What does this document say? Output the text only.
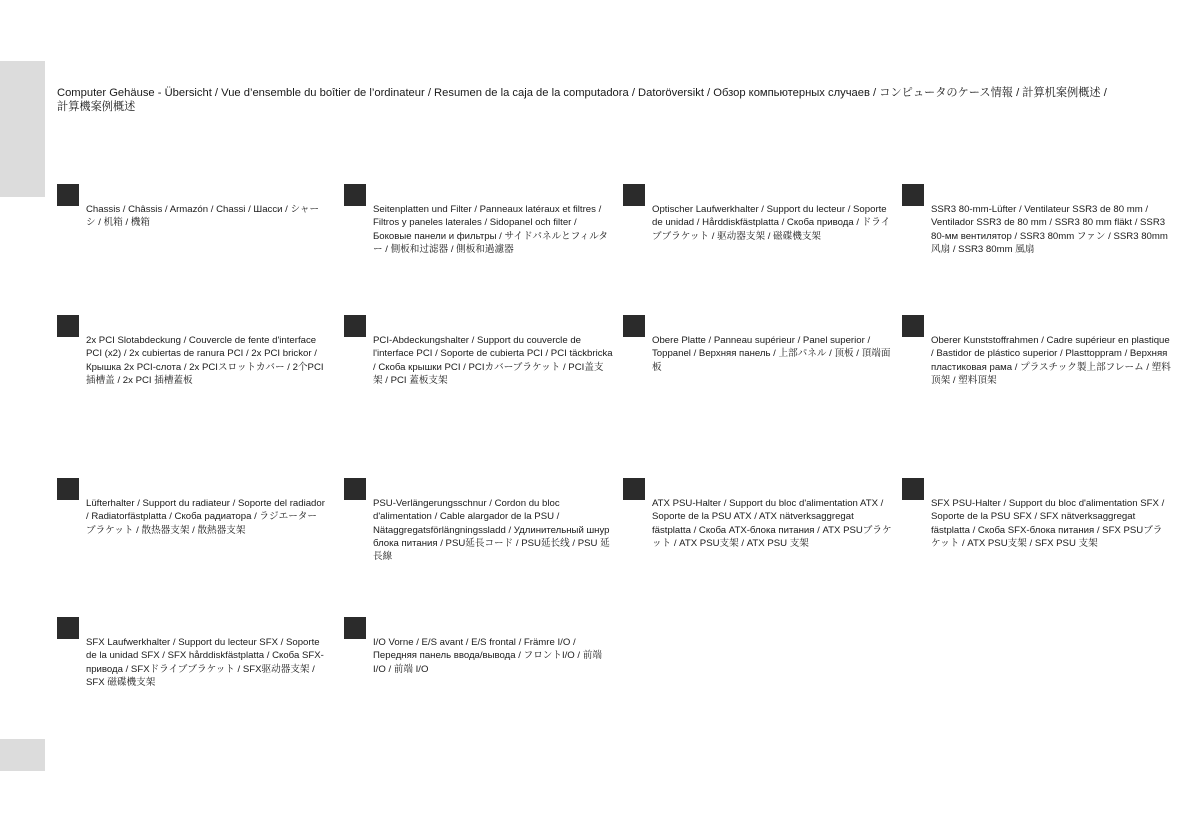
Computer Gehäuse - Übersicht / Vue d’ensemble du boîtier de l’ordinateur / Resumen de la caja de la computadora / Datoröversikt / Обзор компьютерных случаев / コンピュータのケース情報 / 計算机案例概述 / 計算機案例概述

Chassis / Châssis / Armazón / Chassi / Шасси / シャーシ / 机箱 / 機箱

Seitenplatten und Filter / Panneaux latéraux et filtres / Filtros y paneles laterales / Sidopanel och filter / Боковые панели и фильтры / サイドパネルとフィルター / 側板和过滤器 / 側板和過濾器

Optischer Laufwerkhalter / Support du lecteur / Soporte de unidad / Hårddiskfästplatta / Скоба привода / ドライブブラケット / 驱动器支架 / 磁碟機支架

SSR3 80-mm-Lüfter / Ventilateur SSR3 de 80 mm / Ventilador SSR3 de 80 mm / SSR3 80 mm fläkt / SSR3 80-мм вентилятор / SSR3 80mm ファン / SSR3 80mm风扇 / SSR3 80mm 風扇

2x PCI Slotabdeckung / Couvercle de fente d'interface PCI (x2) / 2x cubiertas de ranura PCI / 2x PCI brickor / Крышка 2x PCI-слота / 2x PCIスロットカバー / 2个PCI插槽盖 / 2x PCI 插槽蓋板

PCI-Abdeckungshalter / Support du couvercle de l'interface PCI / Soporte de cubierta PCI / PCI täckbricka / Скоба крышки PCI / PCIカバーブラケット / PCI盖支架 / PCI 蓋板支架

Obere Platte / Panneau supérieur / Panel superior / Toppanel / Верхняя панель / 上部パネル / 顶板 / 頂端面板

Oberer Kunststoffrahmen / Cadre supérieur en plastique / Bastidor de plástico superior / Plasttoppram / Верхняя пластиковая рама / プラスチック製上部フレーム / 塑料顶架 / 塑料頂架

Lüfterhalter / Support du radiateur / Soporte del radiador / Radiatorfästplatta / Скоба радиатора / ラジエーターブラケット / 散热器支架 / 散熱器支架

PSU-Verlängerungsschnur / Cordon du bloc d'alimentation / Cable alargador de la PSU / Nätaggregatsförlängningssladd / Удлинительный шнур блока питания / PSU延長コード / PSU延长线 / PSU 延長線

ATX PSU-Halter / Support du bloc d'alimentation ATX / Soporte de la PSU ATX / ATX nätverksaggregat fästplatta / Скоба ATX-блока питания / ATX PSUブラケット / ATX PSU支架 / ATX PSU 支架

SFX PSU-Halter / Support du bloc d'alimentation SFX / Soporte de la PSU SFX / SFX nätverksaggregat fästplatta / Скоба SFX-блока питания / SFX PSUブラケット / ATX PSU支架 / SFX PSU 支架

SFX Laufwerkhalter / Support du lecteur SFX / Soporte de la unidad SFX / SFX hårddiskfästplatta / Скоба SFX-привода / SFXドライブブラケット / SFX驱动器支架 / SFX 磁碟機支架

I/O Vorne / E/S avant / E/S frontal / Främre I/O / Передняя панель ввода/вывода / フロントI/O / 前端I/O / 前端 I/O
